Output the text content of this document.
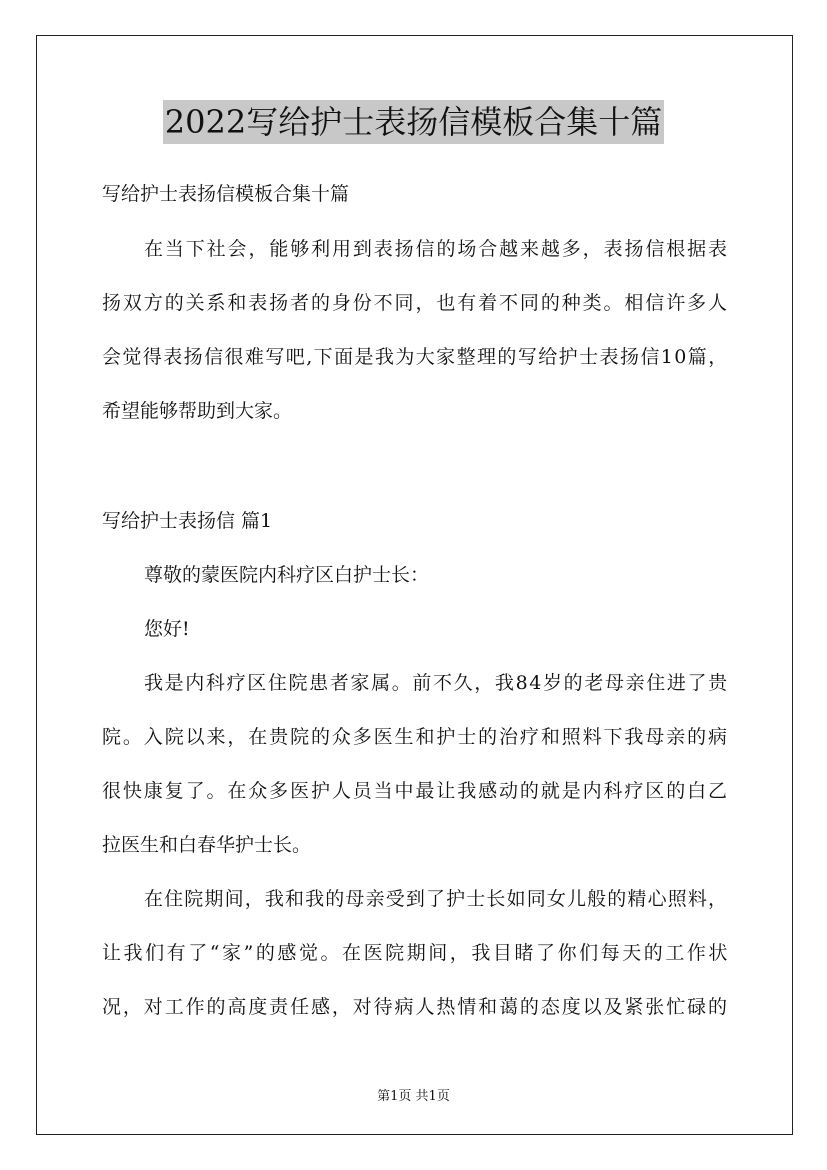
2022写给护士表扬信模板合集十篇
写给护士表扬信模板合集十篇
在当下社会，能够利用到表扬信的场合越来越多，表扬信根据表
扬双方的关系和表扬者的身份不同，也有着不同的种类。相信许多人
会觉得表扬信很难写吧,下面是我为大家整理的写给护士表扬信10篇，
希望能够帮助到大家。
写给护士表扬信 篇1
尊敬的蒙医院内科疗区白护士长：
您好!
我是内科疗区住院患者家属。前不久，我84岁的老母亲住进了贵
院。入院以来，在贵院的众多医生和护士的治疗和照料下我母亲的病
很快康复了。在众多医护人员当中最让我感动的就是内科疗区的白乙
拉医生和白春华护士长。
在住院期间，我和我的母亲受到了护士长如同女儿般的精心照料，
让我们有了“家”的感觉。在医院期间，我目睹了你们每天的工作状
况，对工作的高度责任感，对待病人热情和蔼的态度以及紧张忙碌的
第1页 共1页
